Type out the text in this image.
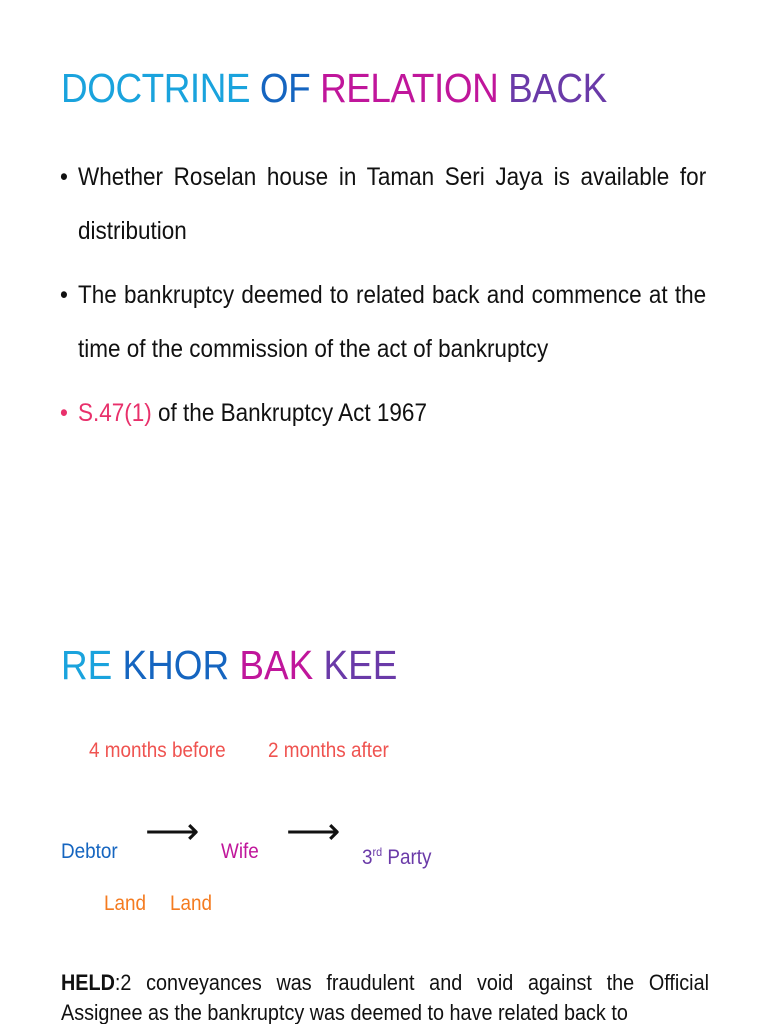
DOCTRINE OF RELATION BACK
• Whether Roselan house in Taman Seri Jaya is available for distribution
• The bankruptcy deemed to related back and commence at the time of the commission of the act of bankruptcy
• S.47(1) of the Bankruptcy Act 1967
RE KHOR BAK KEE
4 months before 2 months after
Debtor ⟶ Wife ⟶
3rd Party
Land Land
HELD:2 conveyances was fraudulent and void against the Official Assignee as the bankruptcy was deemed to have related back to
